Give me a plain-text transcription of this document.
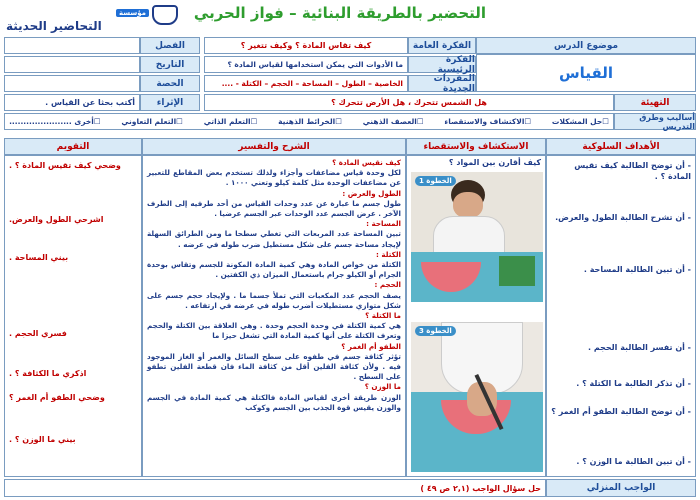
التحضير بالطريقة البنائية – فواز الحربي
مؤسسة
التحاضير الحديثة
الفصل
التاريخ
الحصة
الإثراء
أكتب بحثا عن القياس .
الفكرة العامة
كيف تقاس المادة ؟ وكيف تتغير ؟
الفكرة الرئيسية
ما الأدوات التي يمكن استخدامها لقياس المادة ؟
المفردات الجديدة
الخاصية – الطول – المساحة – الحجم – الكتلة - ....
موضوع الدرس
القياس
التهيئة
هل الشمس تتحرك ، هل الأرض تتحرك ؟
أساليب وطرق التدريس
☐حل المشكلات
☐الاكتشاف والاستقصاء
☐العصف الذهني
☐الخرائط الذهنية
☐التعلم الذاتي
☐التعلم التعاوني
☐أخرى ......................
الأهداف السلوكية
الاستكشاف والاستقصاء
الشرح والتفسير
التقويم
- أن توضح الطالبة كيف تقيس المادة ؟ .
- أن تشرح الطالبة الطول والعرض.
- أن تبين الطالبة المساحة .
- أن تفسر الطالبة الحجم .
- أن تذكر الطالبة ما الكتلة ؟ .
- أن توضح الطالبة الطفو أم الغمر ؟
- أن تبين الطالبة ما الوزن ؟ .
كيف أقارن بين المواد ؟
الخطوة 1
الخطوة 3

كيف نقيس المادة ؟

لكل وحدة قياس مضاعفات وأجزاء ولذلك تستخدم بعض المقاطع للتعبير عن مضاعفات الوحدة مثل كلمة كيلو وتعني ١٠٠٠ .

الطول والعرض :

طول جسم ما عبارة عن عدد وحدات القياس من أحد طرفيه إلى الطرف الآخر . عرض الجسم عدد الوحدات عبر الجسم عرضيا .

المساحة :

تبين المساحة عدد المربعات التي تغطي سطحا ما ومن الطرائق السهلة لإيجاد مساحة جسم على شكل مستطيل ضرب طوله في عرضه .

الكتلة :

الكتلة من خواص المادة وهي كمية المادة المكونة للجسم وتقاس بوحدة الجرام أو الكيلو جرام باستعمال الميزان ذي الكفتين .

الحجم :

يصف الحجم عدد المكعبات التي تملأ جسما ما . ولإيجاد حجم جسم على شكل متوازي مستطيلات أضرب طوله في عرضه في ارتفاعه .

ما الكتلة ؟

هي كمية الكتلة في وحدة الحجم وحدة . وهي العلاقة بين الكتلة والحجم وتعرف الكتلة على أنها كمية المادة التي تشغل حيزا ما

الطفو أم الغمر ؟

تؤثر كثافة جسم في طفوه على سطح السائل والغمر أو الغاز الموجود فيه . ولأن كثافة الفلين أقل من كثافة الماء فان قطعة الفلين تطفو على السطح .

ما الوزن ؟

الوزن طريقة أخرى لقياس المادة فالكتلة هي كمية المادة في الجسم والوزن يقيس قوة الجذب بين الجسم وكوكب

وضحي كيف تقيس المادة ؟ .
اشرحي الطول والعرض.
بيني المساحة .
فسري الحجم .
اذكري ما الكثافة ؟ .
وضحي الطفو أم الغمر ؟
بيني ما الوزن ؟ .
الواجب المنزلي
حل سؤال الواجب (٢,١ ص ٤٩ )
